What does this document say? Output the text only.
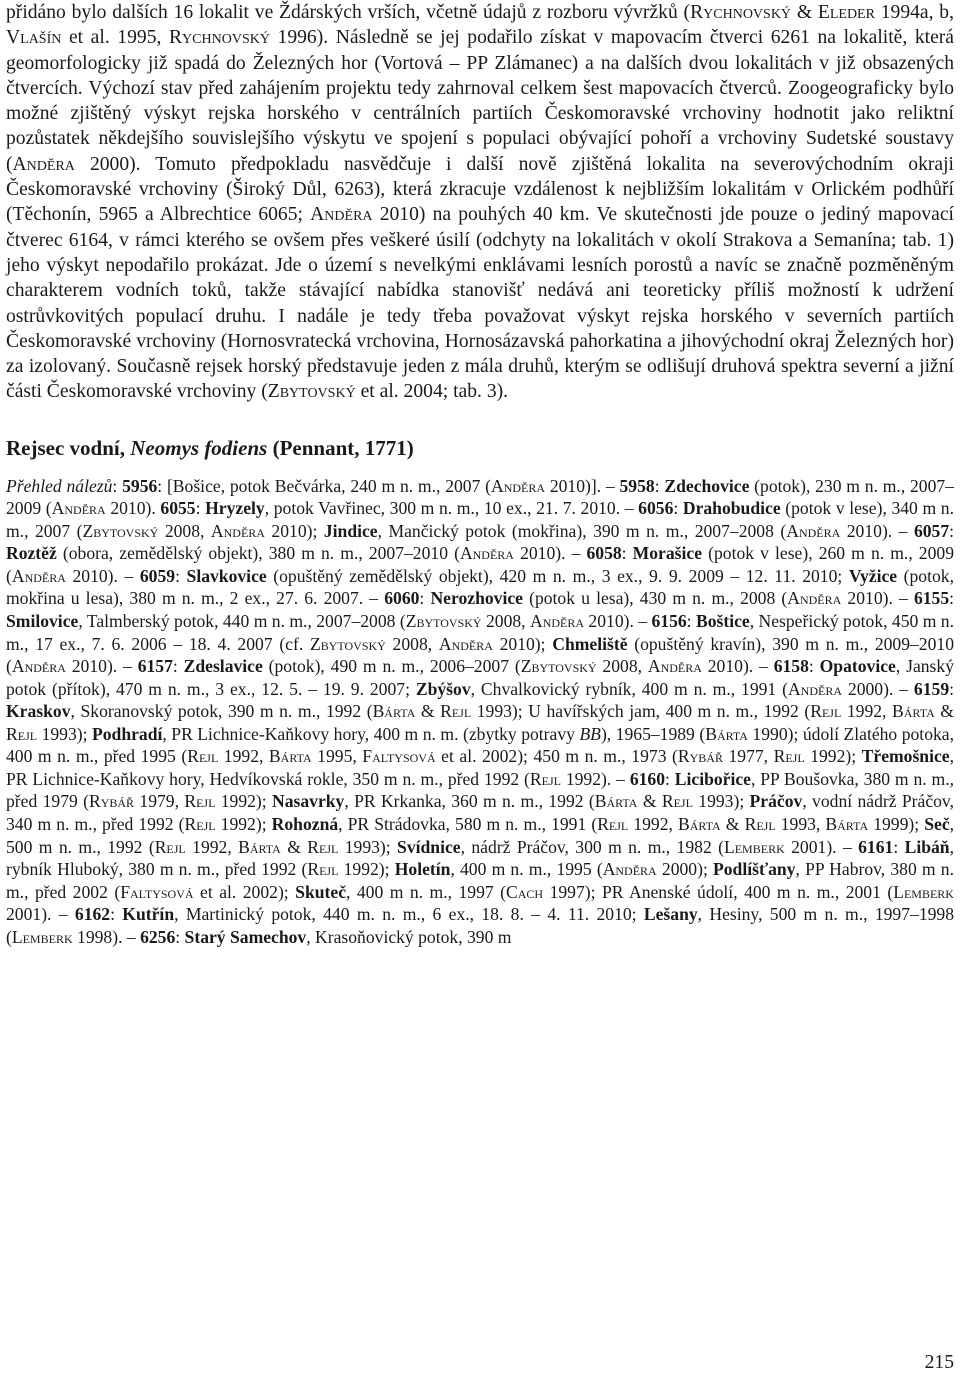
přidáno bylo dalších 16 lokalit ve Ždárských vrších, včetně údajů z rozboru vývržků (Rychnovský & Eleder 1994a, b, Vlašín et al. 1995, Rychnovský 1996). Následně se jej podařilo získat v mapovacím čtverci 6261 na lokalitě, která geomorfologicky již spadá do Železných hor (Vortová – PP Zlámanec) a na dalších dvou lokalitách v již obsazených čtvercích. Výchozí stav před zahájením projektu tedy zahrnoval celkem šest mapovacích čtverců. Zoogeograficky bylo možné zjištěný výskyt rejska horského v centrálních partiích Českomoravské vrchoviny hodnotit jako reliktní pozůstatek někdejšího souvislejšího výskytu ve spojení s populaci obývající pohoří a vrchoviny Sudetské soustavy (Anděra 2000). Tomuto předpokladu nasvědčuje i další nově zjištěná lokalita na severovýchodním okraji Českomoravské vrchoviny (Široký Důl, 6263), která zkracuje vzdálenost k nejbližším lokalitám v Orlickém podhůří (Těchonín, 5965 a Albrechtice 6065; Anděra 2010) na pouhých 40 km. Ve skutečnosti jde pouze o jediný mapovací čtverec 6164, v rámci kterého se ovšem přes veškeré úsilí (odchyty na lokalitách v okolí Strakova a Semanína; tab. 1) jeho výskyt nepodařilo prokázat. Jde o území s nevelkými enklávami lesních porostů a navíc se značně pozměněným charakterem vodních toků, takže stávající nabídka stanovišť nedává ani teoreticky příliš možností k udržení ostrůvkovitých populací druhu. I nadále je tedy třeba považovat výskyt rejska horského v severních partiích Českomoravské vrchoviny (Hornosvratecká vrchovina, Hornosázavská pahorkatina a jihovýchodní okraj Železných hor) za izolovaný. Současně rejsek horský představuje jeden z mála druhů, kterým se odlišují druhová spektra severní a jižní části Českomoravské vrchoviny (Zbytovský et al. 2004; tab. 3).

Rejsec vodní, Neomys fodiens (Pennant, 1771)

Přehled nálezů: 5956: [Bošice, potok Bečvárka, 240 m n. m., 2007 (Anděra 2010)]. – 5958: Zdechovice (potok), 230 m n. m., 2007–2009 (Anděra 2010). 6055: Hryzely, potok Vavřinec, 300 m n. m., 10 ex., 21. 7. 2010. – 6056: Drahobudice (potok v lese), 340 m n. m., 2007 (Zbytovský 2008, Anděra 2010); Jindice, Mančický potok (mokřina), 390 m n. m., 2007–2008 (Anděra 2010). – 6057: Roztěž (obora, zemědělský objekt), 380 m n. m., 2007–2010 (Anděra 2010). – 6058: Morašice (potok v lese), 260 m n. m., 2009 (Anděra 2010). – 6059: Slavkovice (opuštěný zemědělský objekt), 420 m n. m., 3 ex., 9. 9. 2009 – 12. 11. 2010; Vyžice (potok, mokřina u lesa), 380 m n. m., 2 ex., 27. 6. 2007. – 6060: Nerozhovice (potok u lesa), 430 m n. m., 2008 (Anděra 2010). – 6155: Smilovice, Talmberský potok, 440 m n. m., 2007–2008 (Zbytovský 2008, Anděra 2010). – 6156: Boštice, Nespeřický potok, 450 m n. m., 17 ex., 7. 6. 2006 – 18. 4. 2007 (cf. Zbytovský 2008, Anděra 2010); Chmeliště (opuštěný kravín), 390 m n. m., 2009–2010 (Anděra 2010). – 6157: Zdeslavice (potok), 490 m n. m., 2006–2007 (Zbytovský 2008, Anděra 2010). – 6158: Opatovice, Janský potok (přítok), 470 m n. m., 3 ex., 12. 5. – 19. 9. 2007; Zbýšov, Chvalkovický rybník, 400 m n. m., 1991 (Anděra 2000). – 6159: Kraskov, Skoranovský potok, 390 m n. m., 1992 (Bárta & Rejl 1993); U havířských jam, 400 m n. m., 1992 (Rejl 1992, Bárta & Rejl 1993); Podhradí, PR Lichnice-Kaňkovy hory, 400 m n. m. (zbytky potravy BB), 1965–1989 (Bárta 1990); údolí Zlatého potoka, 400 m n. m., před 1995 (Rejl 1992, Bárta 1995, Faltysová et al. 2002); 450 m n. m., 1973 (Rybář 1977, Rejl 1992); Třemošnice, PR Lichnice-Kaňkovy hory, Hedvíkovská rokle, 350 m n. m., před 1992 (Rejl 1992). – 6160: Licibořice, PP Boušovka, 380 m n. m., před 1979 (Rybář 1979, Rejl 1992); Nasavrky, PR Krkanka, 360 m n. m., 1992 (Bárta & Rejl 1993); Práčov, vodní nádrž Práčov, 340 m n. m., před 1992 (Rejl 1992); Rohozná, PR Strádovka, 580 m n. m., 1991 (Rejl 1992, Bárta & Rejl 1993, Bárta 1999); Seč, 500 m n. m., 1992 (Rejl 1992, Bárta & Rejl 1993); Svídnice, nádrž Práčov, 300 m n. m., 1982 (Lemberk 2001). – 6161: Libáň, rybník Hluboký, 380 m n. m., před 1992 (Rejl 1992); Holetín, 400 m n. m., 1995 (Anděra 2000); Podlíšťany, PP Habrov, 380 m n. m., před 2002 (Faltysová et al. 2002); Skuteč, 400 m n. m., 1997 (Cach 1997); PR Anenské údolí, 400 m n. m., 2001 (Lemberk 2001). – 6162: Kutřín, Martinický potok, 440 m. n. m., 6 ex., 18. 8. – 4. 11. 2010; Lešany, Hesiny, 500 m n. m., 1997–1998 (Lemberk 1998). – 6256: Starý Samechov, Krasoňovický potok, 390 m

215
